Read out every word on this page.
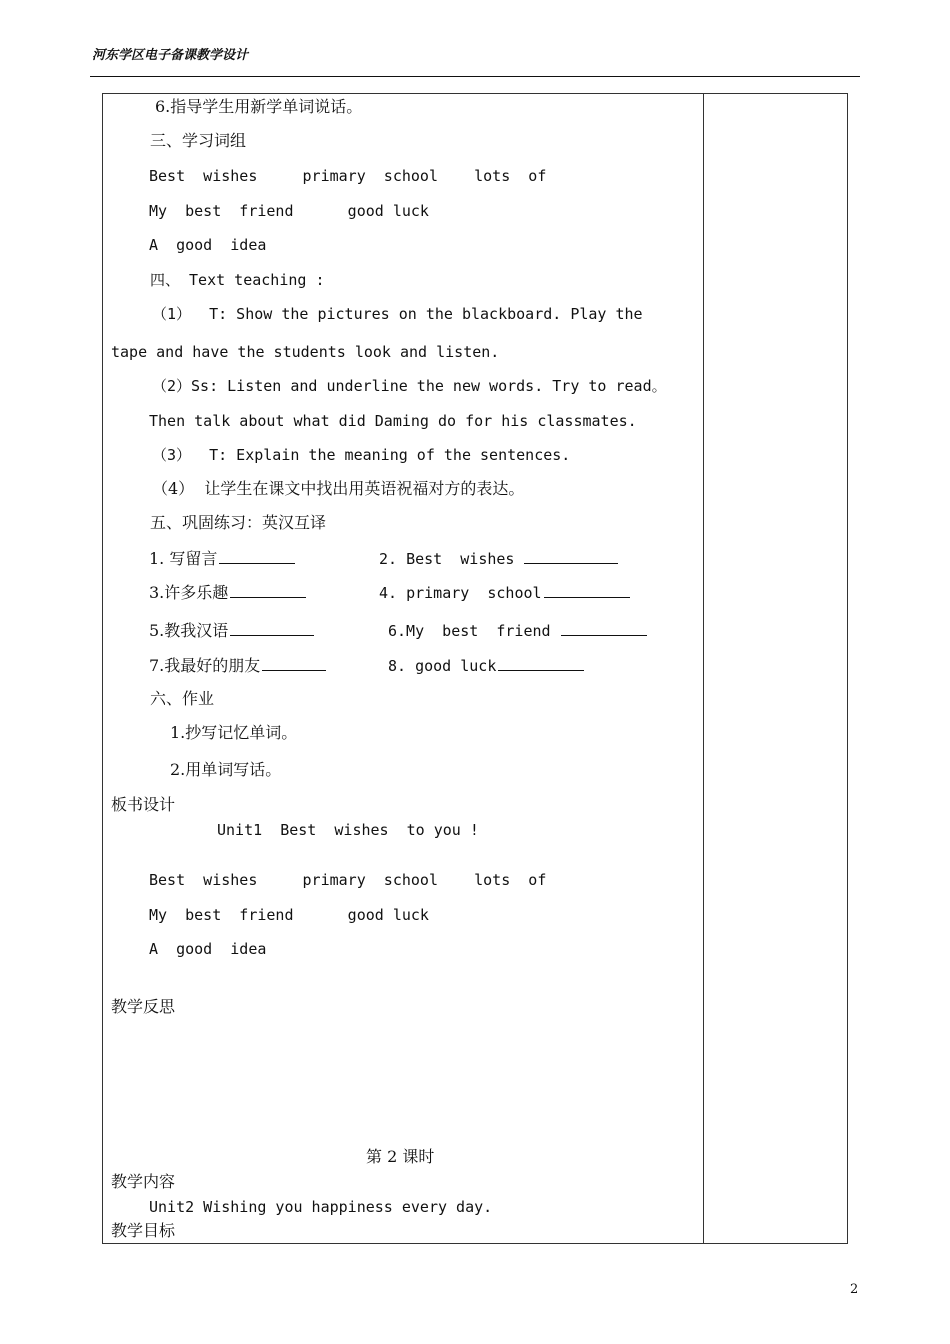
河东学区电子备课教学设计
6.指导学生用新学单词说话。
三、学习词组
Best  wishes     primary  school    lots  of
My  best  friend      good luck
A  good  idea
四、 Text teaching :
（1）  T: Show the pictures on the blackboard. Play the
tape and have the students look and listen.
（2）Ss: Listen and underline the new words. Try to read。
Then talk about what did Daming do for his classmates.
（3）  T: Explain the meaning of the sentences.
（4）  让学生在课文中找出用英语祝福对方的表达。
五、巩固练习：英汉互译
1. 写留言	2. Best  wishes
3.许多乐趣	4. primary  school
5.教我汉语	6.My  best  friend
7.我最好的朋友	8. good luck
六、作业
1.抄写记忆单词。
2.用单词写话。
板书设计
Unit1  Best  wishes  to you !
Best  wishes     primary  school    lots  of
My  best  friend      good luck
A  good  idea
教学反思
第 2 课时
教学内容
Unit2 Wishing you happiness every day.
教学目标
2
